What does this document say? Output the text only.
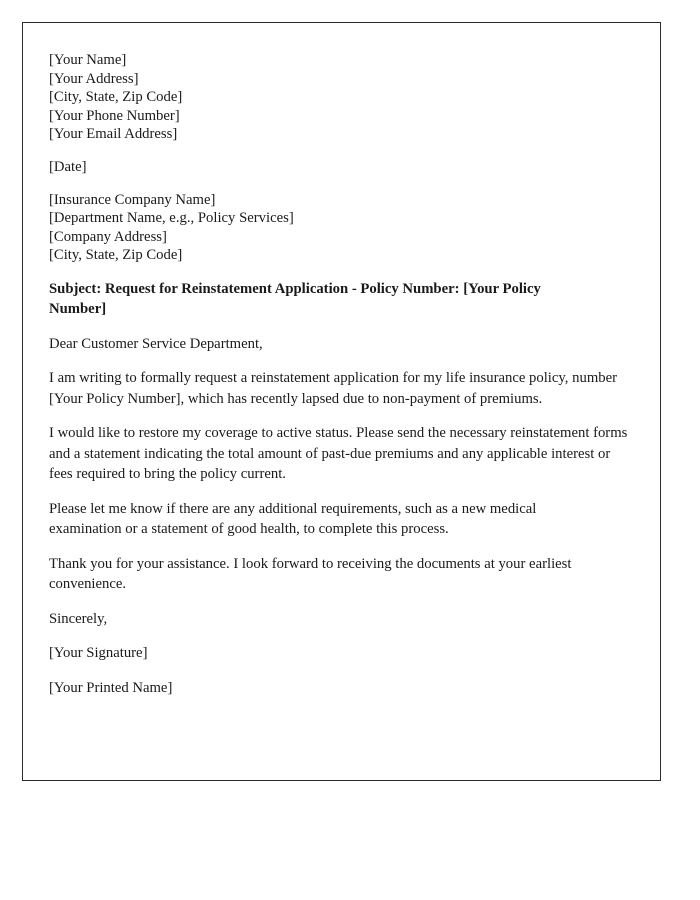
[Your Name]
[Your Address]
[City, State, Zip Code]
[Your Phone Number]
[Your Email Address]
[Date]
[Insurance Company Name]
[Department Name, e.g., Policy Services]
[Company Address]
[City, State, Zip Code]
Subject: Request for Reinstatement Application - Policy Number: [Your Policy Number]
Dear Customer Service Department,
I am writing to formally request a reinstatement application for my life insurance policy, number [Your Policy Number], which has recently lapsed due to non-payment of premiums.
I would like to restore my coverage to active status. Please send the necessary reinstatement forms and a statement indicating the total amount of past-due premiums and any applicable interest or fees required to bring the policy current.
Please let me know if there are any additional requirements, such as a new medical examination or a statement of good health, to complete this process.
Thank you for your assistance. I look forward to receiving the documents at your earliest convenience.
Sincerely,
[Your Signature]
[Your Printed Name]
